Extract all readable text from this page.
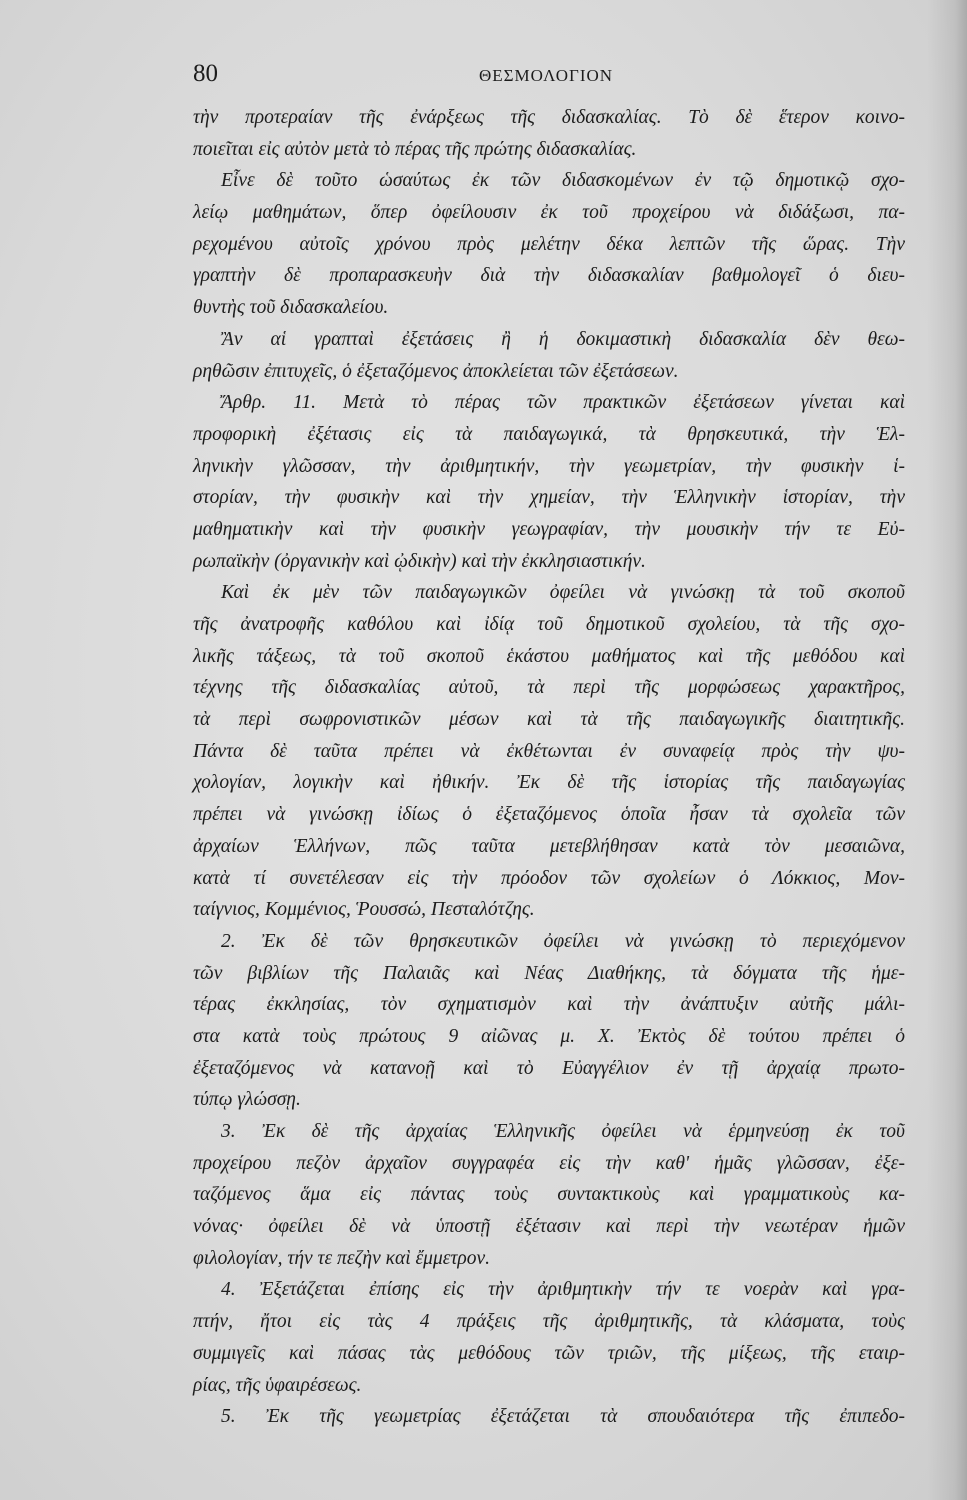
80	ΘΕΣΜΟΛΟΓΙΟΝ
τὴν προτεραίαν τῆς ἐνάρξεως τῆς διδασκαλίας. Τὸ δὲ ἕτερον κοινο-
ποιεῖται εἰς αὐτὸν μετὰ τὸ πέρας τῆς πρώτης διδασκαλίας.
Εἶνε δὲ τοῦτο ὡσαύτως ἐκ τῶν διδασκομένων ἐν τῷ δημοτικῷ σχο-
λείῳ μαθημάτων, ὅπερ ὀφείλουσιν ἐκ τοῦ προχείρου νὰ διδάξωσι, πα-
ρεχομένου αὐτοῖς χρόνου πρὸς μελέτην δέκα λεπτῶν τῆς ὥρας. Τὴν
γραπτὴν δὲ προπαρασκευὴν διὰ τὴν διδασκαλίαν βαθμολογεῖ ὁ διευ-
θυντὴς τοῦ διδασκαλείου.
Ἂν αἱ γραπταὶ ἐξετάσεις ἢ ἡ δοκιμαστικὴ διδασκαλία δὲν θεω-
ρηθῶσιν ἐπιτυχεῖς, ὁ ἐξεταζόμενος ἀποκλείεται τῶν ἐξετάσεων.
Ἄρθρ. 11. Μετὰ τὸ πέρας τῶν πρακτικῶν ἐξετάσεων γίνεται καὶ
προφορικὴ ἐξέτασις εἰς τὰ παιδαγωγικά, τὰ θρησκευτικά, τὴν Ἑλ-
ληνικὴν γλῶσσαν, τὴν ἀριθμητικήν, τὴν γεωμετρίαν, τὴν φυσικὴν ἱ-
στορίαν, τὴν φυσικὴν καὶ τὴν χημείαν, τὴν Ἑλληνικὴν ἱστορίαν, τὴν
μαθηματικὴν καὶ τὴν φυσικὴν γεωγραφίαν, τὴν μουσικὴν τήν τε Εὐ-
ρωπαϊκὴν (ὀργανικὴν καὶ ᾠδικὴν) καὶ τὴν ἐκκλησιαστικήν.
Καὶ ἐκ μὲν τῶν παιδαγωγικῶν ὀφείλει νὰ γινώσκῃ τὰ τοῦ σκοποῦ
τῆς ἀνατροφῆς καθόλου καὶ ἰδίᾳ τοῦ δημοτικοῦ σχολείου, τὰ τῆς σχο-
λικῆς τάξεως, τὰ τοῦ σκοποῦ ἑκάστου μαθήματος καὶ τῆς μεθόδου καὶ
τέχνης τῆς διδασκαλίας αὐτοῦ, τὰ περὶ τῆς μορφώσεως χαρακτῆρος,
τὰ περὶ σωφρονιστικῶν μέσων καὶ τὰ τῆς παιδαγωγικῆς διαιτητικῆς.
Πάντα δὲ ταῦτα πρέπει νὰ ἐκθέτωνται ἐν συναφείᾳ πρὸς τὴν ψυ-
χολογίαν, λογικὴν καὶ ἠθικήν. Ἐκ δὲ τῆς ἱστορίας τῆς παιδαγωγίας
πρέπει νὰ γινώσκῃ ἰδίως ὁ ἐξεταζόμενος ὁποῖα ἦσαν τὰ σχολεῖα τῶν
ἀρχαίων Ἑλλήνων, πῶς ταῦτα μετεβλήθησαν κατὰ τὸν μεσαιῶνα,
κατὰ τί συνετέλεσαν εἰς τὴν πρόοδον τῶν σχολείων ὁ Λόκκιος, Μον-
ταίγνιος, Κομμένιος, Ῥουσσώ, Πεσταλότζης.
2. Ἐκ δὲ τῶν θρησκευτικῶν ὀφείλει νὰ γινώσκῃ τὸ περιεχόμενον
τῶν βιβλίων τῆς Παλαιᾶς καὶ Νέας Διαθήκης, τὰ δόγματα τῆς ἡμε-
τέρας ἐκκλησίας, τὸν σχηματισμὸν καὶ τὴν ἀνάπτυξιν αὐτῆς μάλι-
στα κατὰ τοὺς πρώτους 9 αἰῶνας μ. Χ. Ἐκτὸς δὲ τούτου πρέπει ὁ
ἐξεταζόμενος νὰ κατανοῇ καὶ τὸ Εὐαγγέλιον ἐν τῇ ἀρχαίᾳ πρωτο-
τύπῳ γλώσσῃ.
3. Ἐκ δὲ τῆς ἀρχαίας Ἑλληνικῆς ὀφείλει νὰ ἑρμηνεύσῃ ἐκ τοῦ
προχείρου πεζὸν ἀρχαῖον συγγραφέα εἰς τὴν καθ' ἡμᾶς γλῶσσαν, ἐξε-
ταζόμενος ἅμα εἰς πάντας τοὺς συντακτικοὺς καὶ γραμματικοὺς κα-
νόνας· ὀφείλει δὲ νὰ ὑποστῇ ἐξέτασιν καὶ περὶ τὴν νεωτέραν ἡμῶν
φιλολογίαν, τήν τε πεζὴν καὶ ἔμμετρον.
4. Ἐξετάζεται ἐπίσης εἰς τὴν ἀριθμητικὴν τήν τε νοερὰν καὶ γρα-
πτήν, ἤτοι εἰς τὰς 4 πράξεις τῆς ἀριθμητικῆς, τὰ κλάσματα, τοὺς
συμμιγεῖς καὶ πάσας τὰς μεθόδους τῶν τριῶν, τῆς μίξεως, τῆς εταιρ-
ρίας, τῆς ὑφαιρέσεως.
5. Ἐκ τῆς γεωμετρίας ἐξετάζεται τὰ σπουδαιότερα τῆς ἐπιπεδο-
